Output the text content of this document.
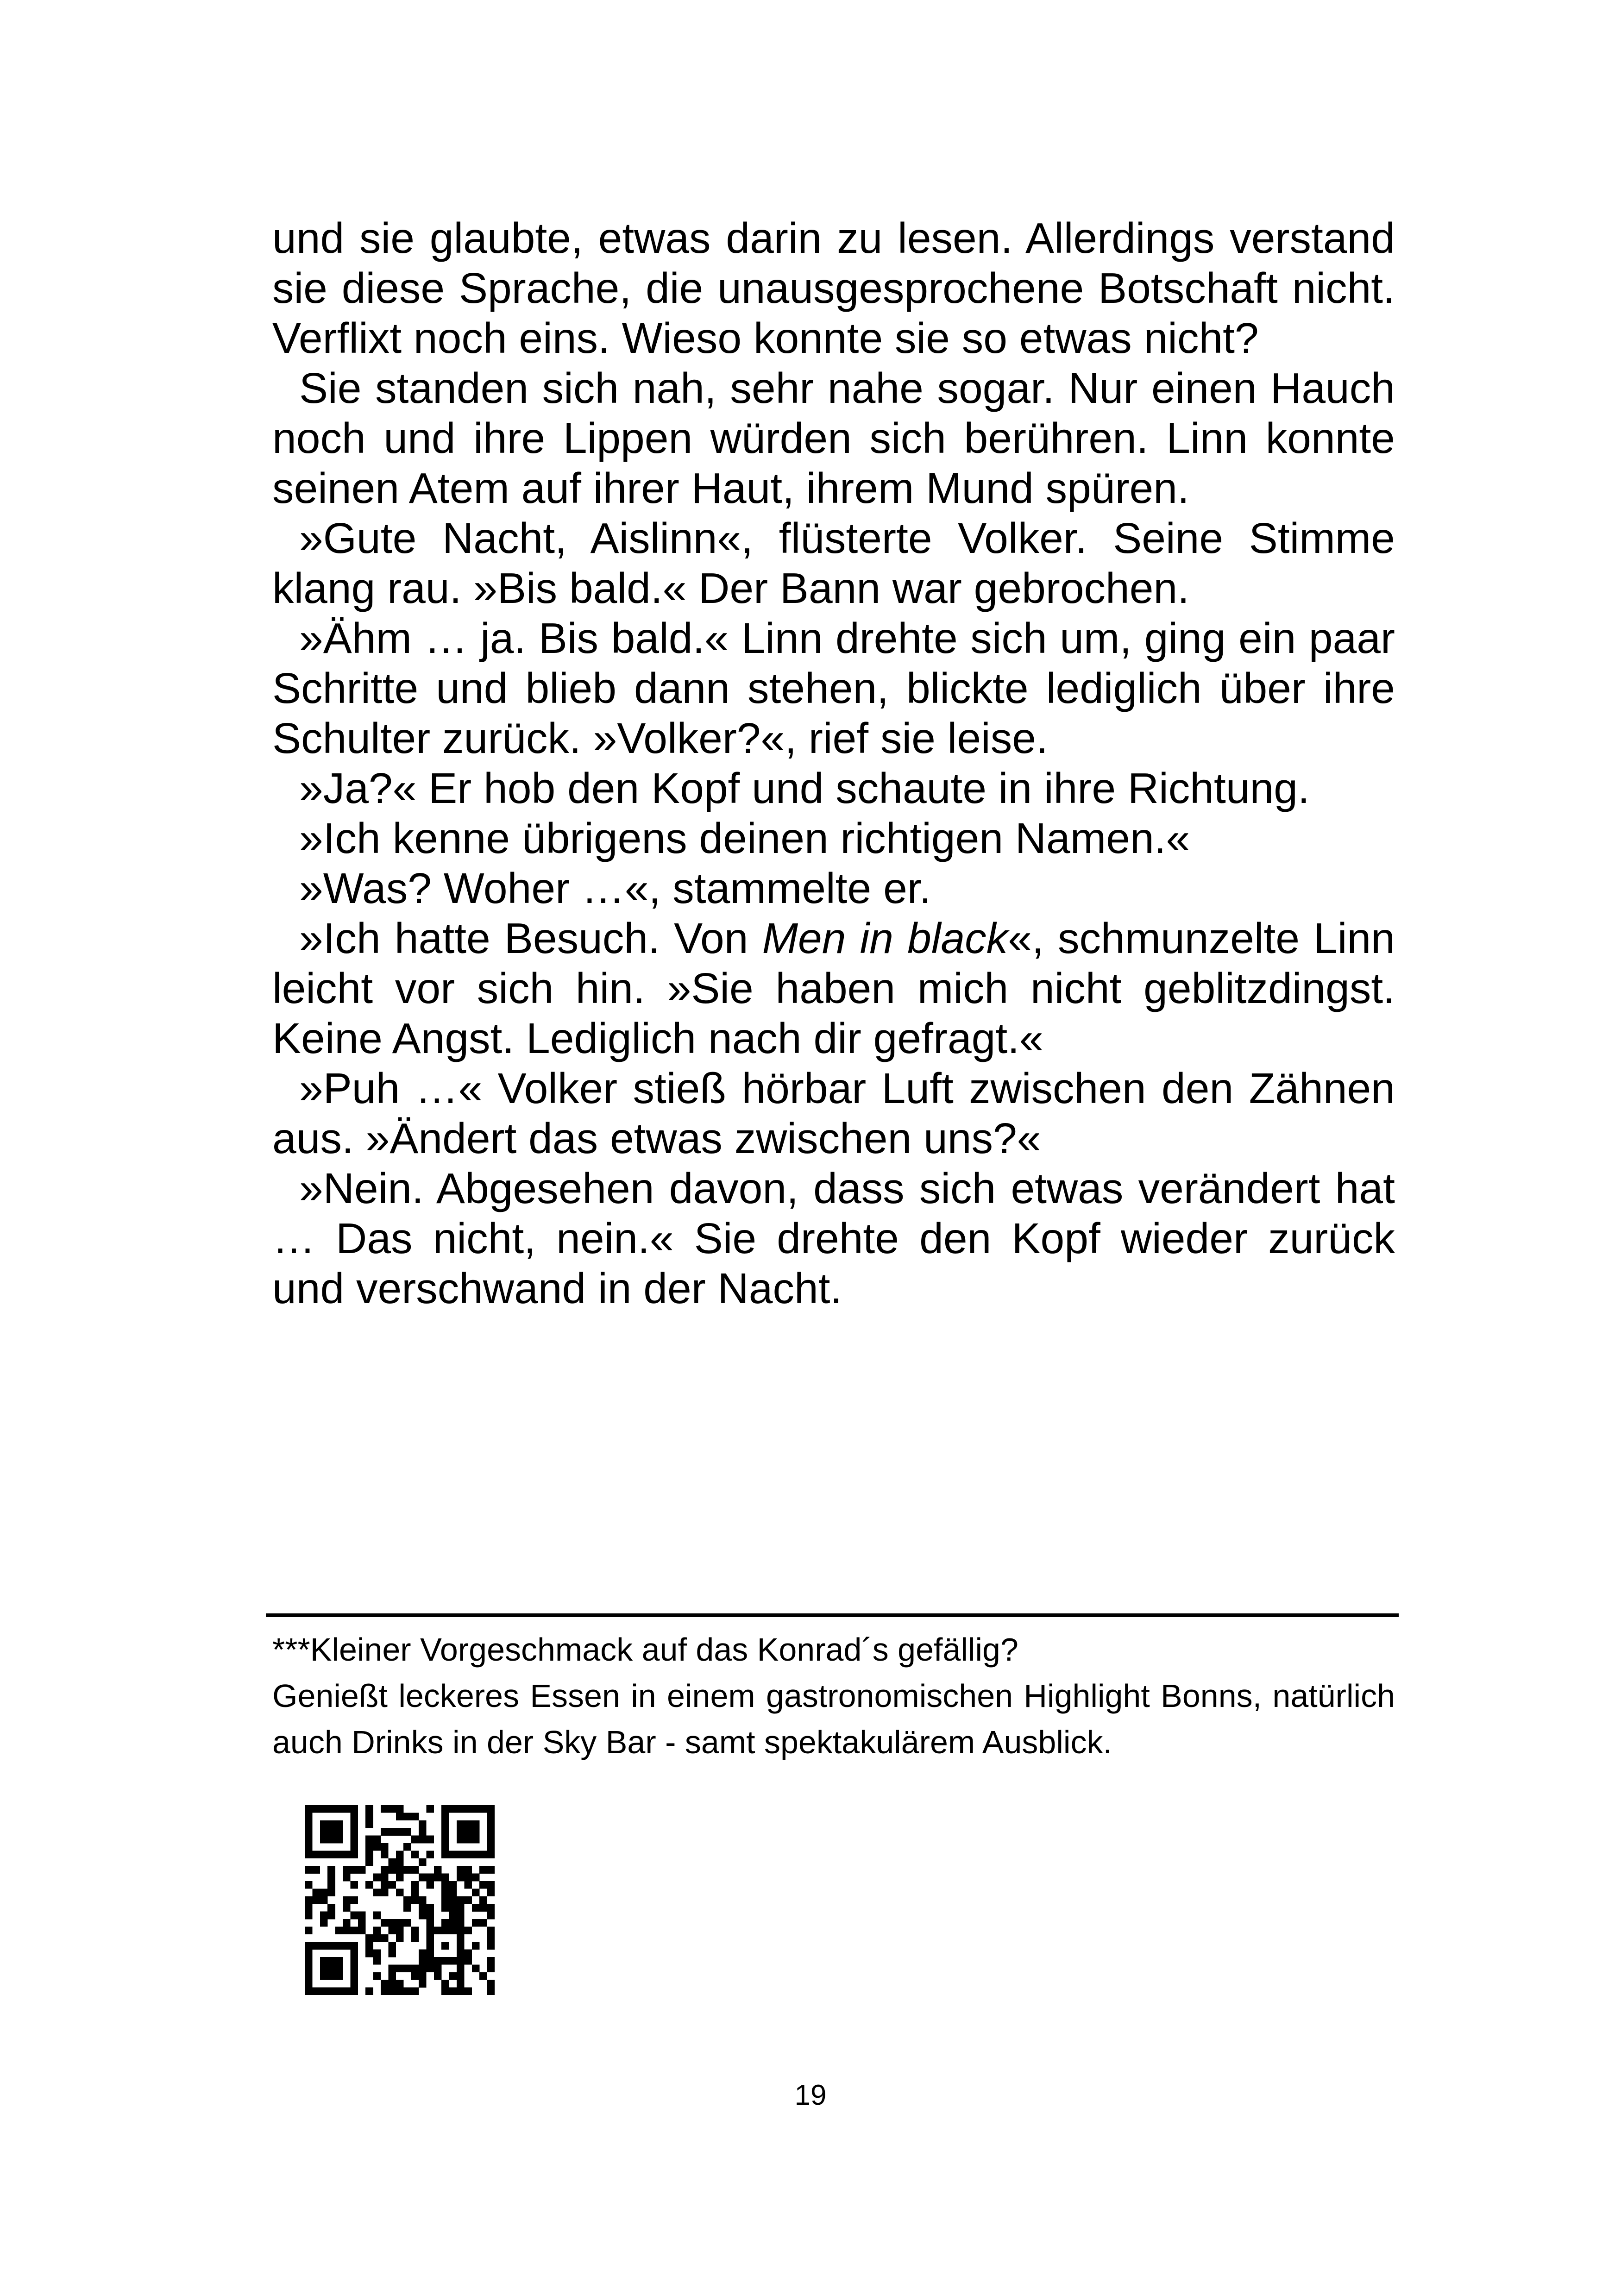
und sie glaubte, etwas darin zu lesen. Allerdings verstand sie diese Sprache, die unausgesprochene Botschaft nicht. Verflixt noch eins. Wieso konnte sie so etwas nicht?

Sie standen sich nah, sehr nahe sogar. Nur einen Hauch noch und ihre Lippen würden sich berühren. Linn konnte seinen Atem auf ihrer Haut, ihrem Mund spüren.

»Gute Nacht, Aislinn«, flüsterte Volker. Seine Stimme klang rau. »Bis bald.« Der Bann war gebrochen.

»Ähm … ja. Bis bald.« Linn drehte sich um, ging ein paar Schritte und blieb dann stehen, blickte lediglich über ihre Schulter zurück. »Volker?«, rief sie leise.

»Ja?« Er hob den Kopf und schaute in ihre Richtung.

»Ich kenne übrigens deinen richtigen Namen.«

»Was? Woher …«, stammelte er.

»Ich hatte Besuch. Von Men in black«, schmunzelte Linn leicht vor sich hin. »Sie haben mich nicht geblitzdingst. Keine Angst. Lediglich nach dir gefragt.«

»Puh …« Volker stieß hörbar Luft zwischen den Zähnen aus. »Ändert das etwas zwischen uns?«

»Nein. Abgesehen davon, dass sich etwas verändert hat … Das nicht, nein.« Sie drehte den Kopf wieder zurück und verschwand in der Nacht.

***Kleiner Vorgeschmack auf das Konrad´s gefällig?

Genießt leckeres Essen in einem gastronomischen Highlight Bonns, natürlich auch Drinks in der Sky Bar - samt spektakulärem Ausblick.

19
